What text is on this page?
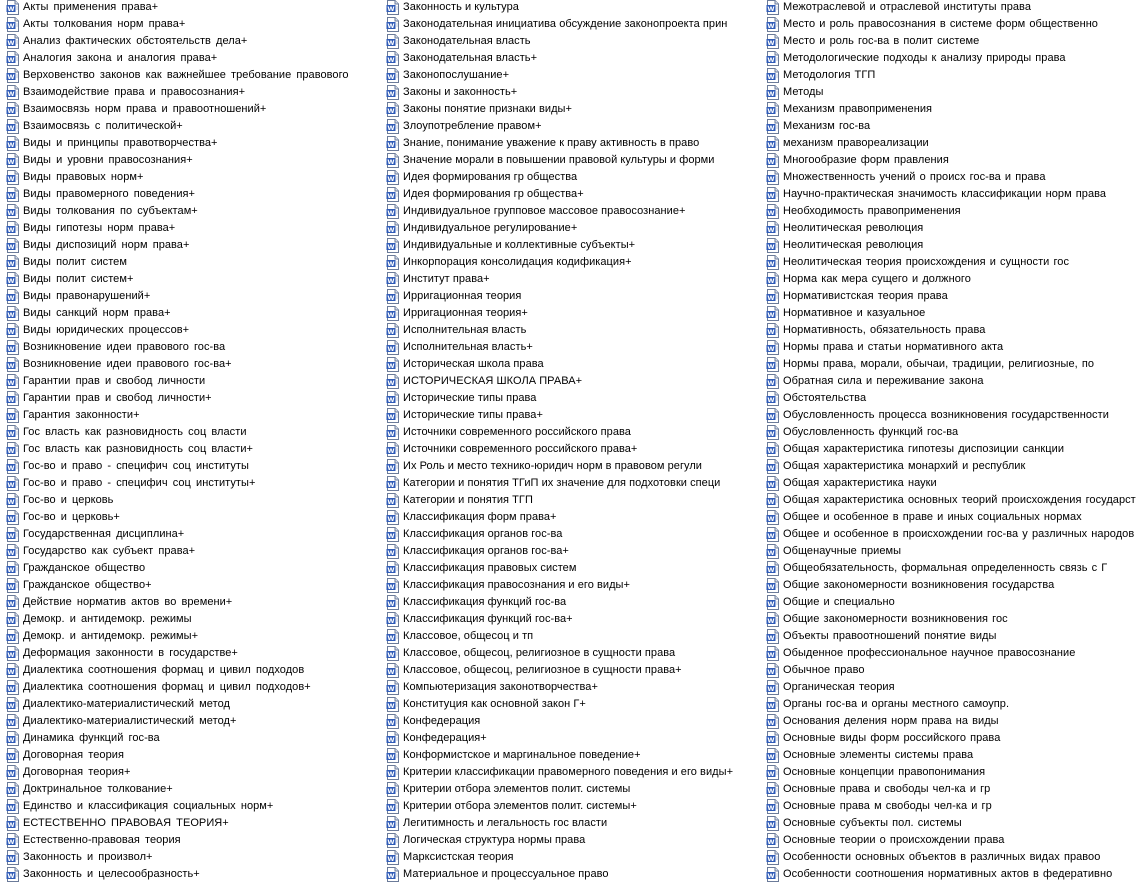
W Акты применения права+
W Акты толкования норм права+
W Анализ фактических обстоятельств дела+
W Аналогия закона и аналогия права+
W Верховенство законов как важнейшее требование правового
W Взаимодействие права и правосознания+
W Взаимосвязь норм права и правоотношений+
W Взаимосвязь с политической+
W Виды и принципы правотворчества+
W Виды и уровни правосознания+
W Виды правовых норм+
W Виды правомерного поведения+
W Виды толкования по субъектам+
W Виды гипотезы норм права+
W Виды диспозиций норм права+
W Виды полит систем
W Виды полит систем+
W Виды правонарушений+
W Виды санкций норм права+
W Виды юридических процессов+
W Возникновение идеи правового гос-ва
W Возникновение идеи правового гос-ва+
W Гарантии прав и свобод личности
W Гарантии прав и свобод личности+
W Гарантия законности+
W Гос власть как разновидность соц власти
W Гос власть как разновидность соц власти+
W Гос-во и право - специфич соц институты
W Гос-во и право - специфич соц институты+
W Гос-во и церковь
W Гос-во и церковь+
W Государственная дисциплина+
W Государство как субъект права+
W Гражданское общество
W Гражданское общество+
W Действие норматив актов во времени+
W Демокр. и антидемокр. режимы
W Демокр. и антидемокр. режимы+
W Деформация законности в государстве+
W Диалектика соотношения формац и цивил подходов
W Диалектика соотношения формац и цивил подходов+
W Диалектико-материалистический метод
W Диалектико-материалистический метод+
W Динамика функций гос-ва
W Договорная теория
W Договорная теория+
W Доктринальное толкование+
W Единство и классификация социальных норм+
W ЕСТЕСТВЕННО ПРАВОВАЯ ТЕОРИЯ+
W Естественно-правовая теория
W Законность и произвол+
W Законность и целесообразность+
W Законность и культура
W Законодательная инициатива обсуждение законопроекта прин
W Законодательная власть
W Законодательная власть+
W Законопослушание+
W Законы и законность+
W Законы понятие признаки виды+
W Злоупотребление правом+
W Знание, понимание уважение к праву активность в право
W Значение морали в повышении правовой культуры и форми
W Идея формирования гр общества
W Идея формирования гр общества+
W Индивидуальное групповое массовое правосознание+
W Индивидуальное регулирование+
W Индивидуальные и коллективные субъекты+
W Инкорпорация консолидация кодификация+
W Институт права+
W Ирригационная теория
W Ирригационная теория+
W Исполнительная власть
W Исполнительная власть+
W Историческая школа права
W ИСТОРИЧЕСКАЯ ШКОЛА ПРАВА+
W Исторические типы права
W Исторические типы права+
W Источники современного российского права
W Источники современного российского права+
W Их Роль и место технико-юридич норм в правовом регули
W Категории и понятия ТГиП их значение для подхотовки специ
W Категории и понятия ТГП
W Классификация форм права+
W Классификация органов гос-ва
W Классификация органов гос-ва+
W Классификация правовых систем
W Классификация правосознания и его виды+
W Классификация функций гос-ва
W Классификация функций гос-ва+
W Классовое, общесоц и тп
W Классовое, общесоц, религиозное в сущности права
W Классовое, общесоц, религиозное в сущности права+
W Компьютеризация законотворчества+
W Конституция как основной закон Г+
W Конфедерация
W Конфедерация+
W Конформистское и маргинальное поведение+
W Критерии классификации правомерного поведения и его виды+
W Критерии отбора элементов полит. системы
W Критерии отбора элементов полит. системы+
W Легитимность и легальность гос власти
W Логическая структура нормы права
W Марксистская теория
W Материальное и процессуальное право
W Межотраслевой и отраслевой институты права
W Место и роль правосознания в системе форм общественно
W Место и роль гос-ва в полит системе
W Методологические подходы к анализу природы права
W Методология ТГП
W Методы
W Механизм правоприменения
W Механизм гос-ва
W механизм правореализации
W Многообразие форм правления
W Множественность учений о происх гос-ва и права
W Научно-практическая значимость классификации норм права
W Необходимость правоприменения
W Неолитическая революция
W Неолитическая революция
W Неолитическая теория происхождения и сущности гос
W Норма как мера сущего и должного
W Нормативистская теория права
W Нормативное и казуальное
W Нормативность, обязательность права
W Нормы права и статьи нормативного акта
W Нормы права, морали, обычаи, традиции, религиозные, по
W Обратная сила и переживание закона
W Обстоятельства
W Обусловленность процесса возникновения государственности
W Обусловленность функций гос-ва
W Общая характеристика гипотезы диспозиции санкции
W Общая характеристика монархий и республик
W Общая характеристика науки
W Общая характеристика основных теорий происхождения государст
W Общее и особенное в праве и иных социальных нормах
W Общее и особенное в происхождении гос-ва у различных народов
W Общенаучные приемы
W Общеобязательность, формальная определенность связь с Г
W Общие закономерности возникновения государства
W Общие и специально
W Общие закономерности возникновения гос
W Объекты правоотношений понятие виды
W Обыденное профессиональное научное правосознание
W Обычное право
W Органическая теория
W Органы гос-ва и органы местного самоупр.
W Основания деления норм права на виды
W Основные виды форм российского права
W Основные элементы системы права
W Основные концепции правопонимания
W Основные права и свободы чел-ка и гр
W Основные права м свободы чел-ка и гр
W Основные субъекты пол. системы
W Основные теории о происхождении права
W Особенности основных объектов в различных видах правоо
W Особенности соотношения нормативных актов в федеративно
